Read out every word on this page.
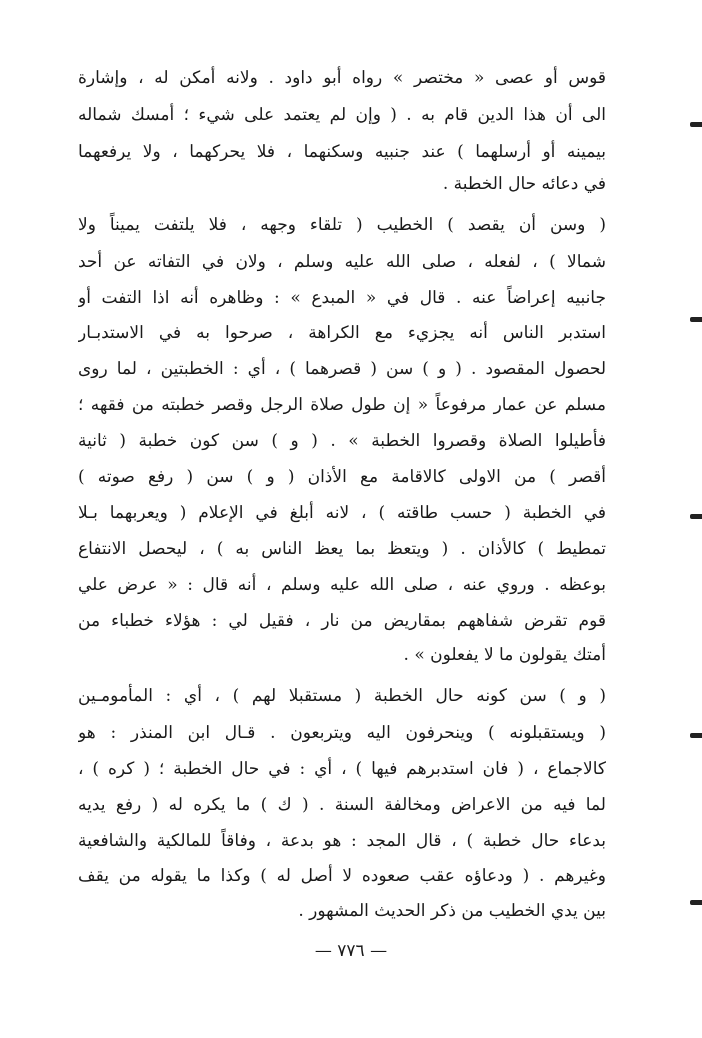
قوس أو عصى « مختصر » رواه أبو داود . ولانه أمكن له ، وإشارة
الى أن هذا الدين قام به . ( وإن لم يعتمد على شيء ؛ أمسك شماله
بيمينه أو أرسلهما ) عند جنبيه وسكنهما ، فلا يحركهما ، ولا يرفعهما
في دعائه حال الخطبة .
( وسن أن يقصد ) الخطيب ( تلقاء وجهه ، فلا يلتفت يميناً ولا
شمالا ) ، لفعله ، صلى الله عليه وسلم ، ولان في التفاته عن أحد
جانبيه إعراضاً عنه . قال في « المبدع » : وظاهره أنه اذا التفت أو
استدبر الناس أنه يجزيء مع الكراهة ، صرحوا به في الاستدبـار
لحصول المقصود . ( و ) سن ( قصرهما ) ، أي : الخطبتين ، لما روى
مسلم عن عمار مرفوعاً « إن طول صلاة الرجل وقصر خطبته من فقهه ؛
فأطيلوا الصلاة وقصروا الخطبة » . ( و ) سن كون خطبة ( ثانية
أقصر ) من الاولى كالاقامة مع الأذان ( و ) سن ( رفع صوته )
في الخطبة ( حسب طاقته ) ، لانه أبلغ في الإعلام ( ويعربهما بـلا
تمطيط ) كالأذان . ( ويتعظ بما يعظ الناس به ) ، ليحصل الانتفاع
بوعظه . وروي عنه ، صلى الله عليه وسلم ، أنه قال : « عرض علي
قوم تقرض شفاههم بمقاريض من نار ، فقيل لي : هؤلاء خطباء من
أمتك يقولون ما لا يفعلون » .
( و ) سن كونه حال الخطبة ( مستقبلا لهم ) ، أي : المأمومـين
( ويستقبلونه ) وينحرفون اليه ويتربعون . قـال ابن المنذر : هو
كالاجماع ، ( فان استدبرهم فيها ) ، أي : في حال الخطبة ؛ ( كره ) ،
لما فيه من الاعراض ومخالفة السنة . ( ك ) ما يكره له ( رفع يديه
بدعاء حال خطبة ) ، قال المجد : هو بدعة ، وفاقاً للمالكية والشافعية
وغيرهم . ( ودعاؤه عقب صعوده لا أصل له ) وكذا ما يقوله من يقف
بين يدي الخطيب من ذكر الحديث المشهور .
— ٧٧٦ —
